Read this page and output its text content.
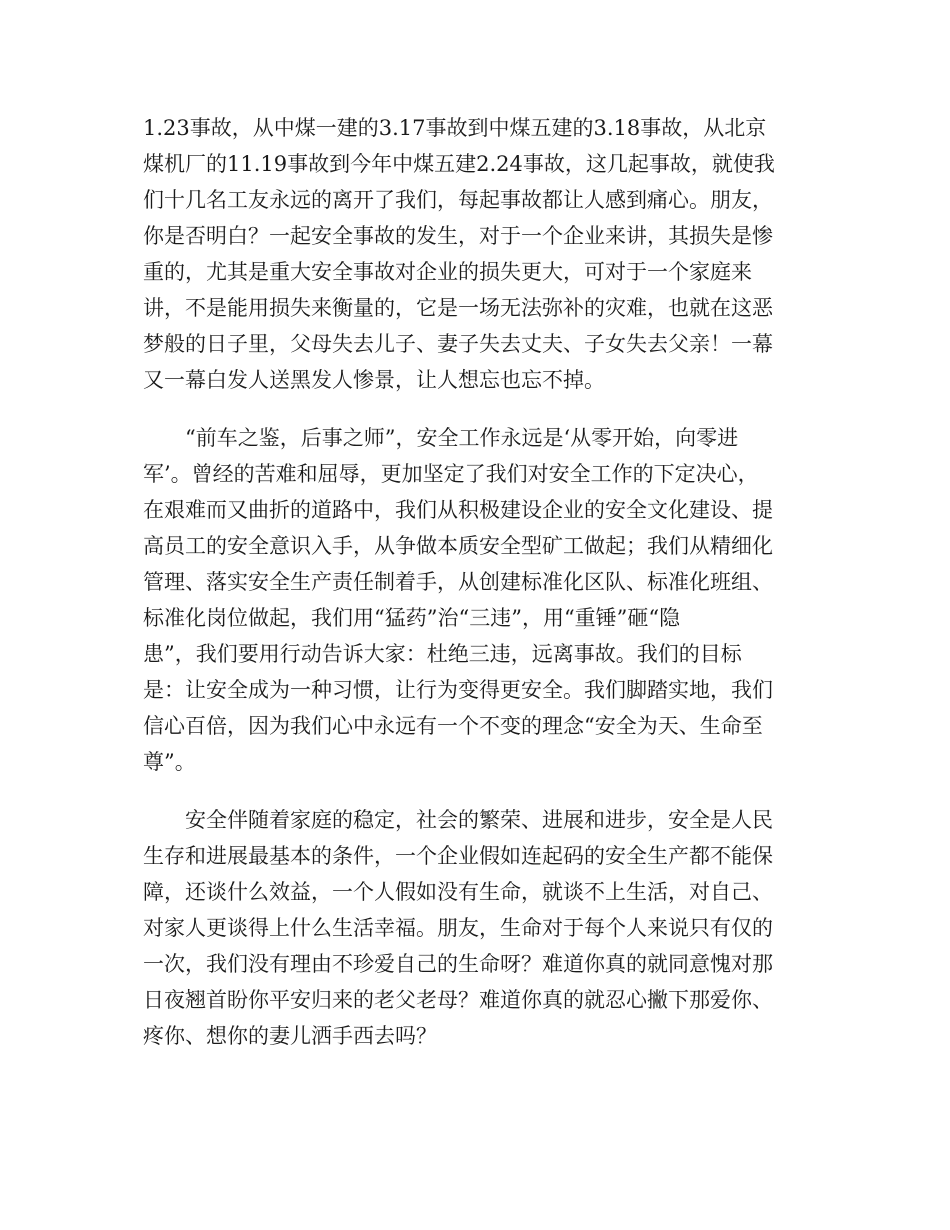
1.23事故，从中煤一建的3.17事故到中煤五建的3.18事故，从北京

煤机厂的11.19事故到今年中煤五建2.24事故，这几起事故，就使我

们十几名工友永远的离开了我们，每起事故都让人感到痛心。朋友，

你是否明白？一起安全事故的发生，对于一个企业来讲，其损失是惨

重的，尤其是重大安全事故对企业的损失更大，可对于一个家庭来

讲，不是能用损失来衡量的，它是一场无法弥补的灾难，也就在这恶

梦般的日子里，父母失去儿子、妻子失去丈夫、子女失去父亲！一幕

又一幕白发人送黑发人惨景，让人想忘也忘不掉。

“前车之鉴，后事之师”，安全工作永远是‘从零开始，向零进

军’。曾经的苦难和屈辱，更加坚定了我们对安全工作的下定决心，

在艰难而又曲折的道路中，我们从积极建设企业的安全文化建设、提

高员工的安全意识入手，从争做本质安全型矿工做起；我们从精细化

管理、落实安全生产责任制着手，从创建标准化区队、标准化班组、

标准化岗位做起，我们用“猛药”治“三违”，用“重锤”砸“隐

患”，我们要用行动告诉大家：杜绝三违，远离事故。我们的目标

是：让安全成为一种习惯，让行为变得更安全。我们脚踏实地，我们

信心百倍，因为我们心中永远有一个不变的理念“安全为天、生命至

尊”。

安全伴随着家庭的稳定，社会的繁荣、进展和进步，安全是人民

生存和进展最基本的条件，一个企业假如连起码的安全生产都不能保

障，还谈什么效益，一个人假如没有生命，就谈不上生活，对自己、

对家人更谈得上什么生活幸福。朋友，生命对于每个人来说只有仅的

一次，我们没有理由不珍爱自己的生命呀？难道你真的就同意愧对那

日夜翘首盼你平安归来的老父老母？难道你真的就忍心撇下那爱你、

疼你、想你的妻儿洒手西去吗？
